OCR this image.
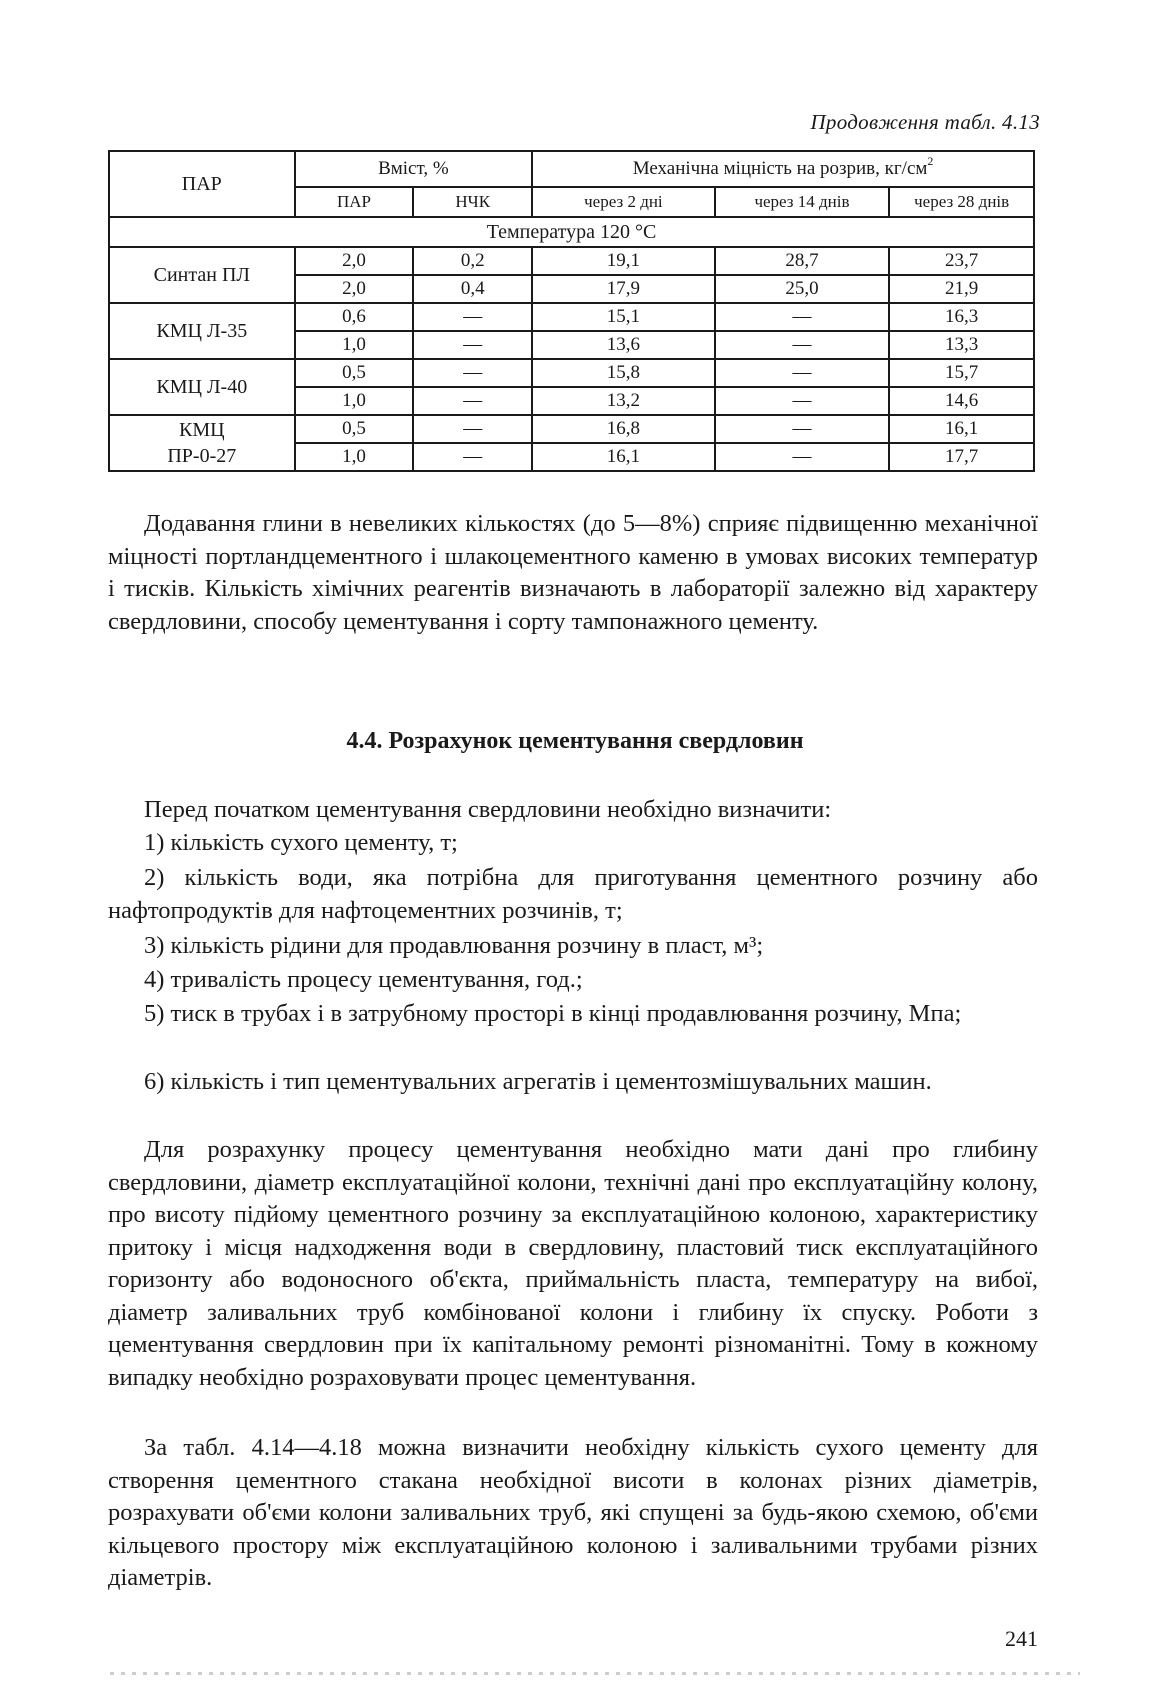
Продовження табл. 4.13
ПАР	Вміст, %		Механічна міцність на розрив, $кг/см^2$
	ПАР	НЧК	через 2 дні	через 14 днів	через 28 днів
Температура 120 °С					
Синтан ПЛ	2,0	0,2	19,1	28,7	23,7
	2,0	0,4	17,9	25,0	21,9
КМЦ Л-35	0,6	—	15,1	—	16,3
	1,0	—	13,6	—	13,3
КМЦ Л-40	0,5	—	15,8	—	15,7
	1,0	—	13,2	—	14,6
КМЦ
ПР-0-27	0,5	—	16,8	—	16,1
	1,0	—	16,1	—	17,7

Додавання глини в невеликих кількостях (до 5—8%) сприяє підвищенню механічної міцності портландцементного і шлакоцементного каменю в умовах високих температур і тисків. Кількість хімічних реагентів визначають в лабораторії залежно від характеру свердловини, способу цементування і сорту тампонажного цементу.

4.4. Розрахунок цементування свердловин

Перед початком цементування свердловини необхідно визначити:

1) кількість сухого цементу, т;

2) кількість води, яка потрібна для приготування цементного розчину або нафтопродуктів для нафтоцементних розчинів, т;

3) кількість рідини для продавлювання розчину в пласт, м³;

4) тривалість процесу цементування, год.;

5) тиск в трубах і в затрубному просторі в кінці продавлювання розчину, Мпа;

6) кількість і тип цементувальних агрегатів і цементозмішувальних машин.

Для розрахунку процесу цементування необхідно мати дані про глибину свердловини, діаметр експлуатаційної колони, технічні дані про експлуатаційну колону, про висоту підйому цементного розчину за експлуатаційною колоною, характеристику притоку і місця надходження води в свердловину, пластовий тиск експлуатаційного горизонту або водоносного об'єкта, приймальність пласта, температуру на вибої, діаметр заливальних труб комбінованої колони і глибину їх спуску. Роботи з цементування свердловин при їх капітальному ремонті різноманітні. Тому в кожному випадку необхідно розраховувати процес цементування.

За табл. 4.14—4.18 можна визначити необхідну кількість сухого цементу для створення цементного стакана необхідної висоти в колонах різних діаметрів, розрахувати об'єми колони заливальних труб, які спущені за будь-якою схемою, об'єми кільцевого простору між експлуатаційною колоною і заливальними трубами різних діаметрів.

241
